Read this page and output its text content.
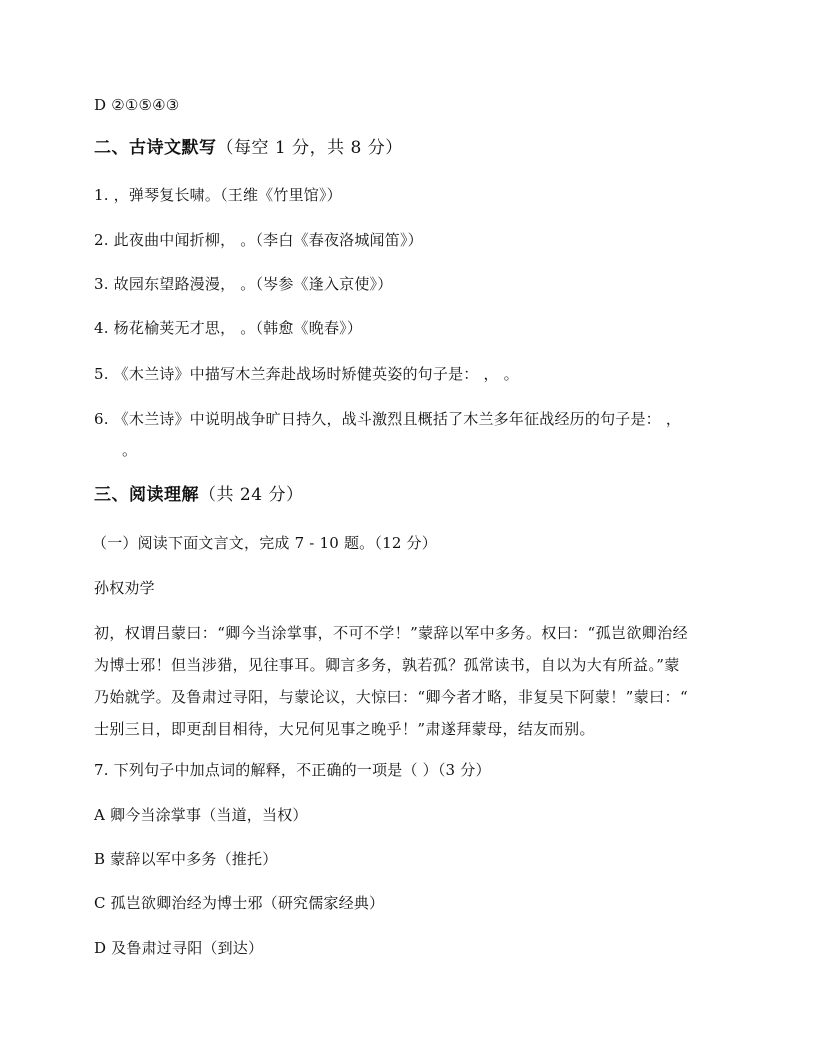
D ②①⑤④③
二、古诗文默写（每空 1 分，共 8 分）
1. ，弹琴复长啸。（王维《竹里馆》）
2. 此夜曲中闻折柳， 。（李白《春夜洛城闻笛》）
3. 故园东望路漫漫， 。（岑参《逢入京使》）
4. 杨花榆荚无才思， 。（韩愈《晚春》）
5. 《木兰诗》中描写木兰奔赴战场时矫健英姿的句子是： ， 。
6. 《木兰诗》中说明战争旷日持久，战斗激烈且概括了木兰多年征战经历的句子是： ，
。
三、阅读理解（共 24 分）
（一）阅读下面文言文，完成 7 - 10 题。（12 分）
孙权劝学
初，权谓吕蒙曰：“卿今当涂掌事，不可不学！”蒙辞以军中多务。权曰：“孤岂欲卿治经
为博士邪！但当涉猎，见往事耳。卿言多务，孰若孤？孤常读书，自以为大有所益。”蒙
乃始就学。及鲁肃过寻阳，与蒙论议，大惊曰：“卿今者才略，非复吴下阿蒙！”蒙曰：“
士别三日，即更刮目相待，大兄何见事之晚乎！”肃遂拜蒙母，结友而别。
7. 下列句子中加点词的解释，不正确的一项是（ ）（3 分）
A 卿今当涂掌事（当道，当权）
B 蒙辞以军中多务（推托）
C 孤岂欲卿治经为博士邪（研究儒家经典）
D 及鲁肃过寻阳（到达）
